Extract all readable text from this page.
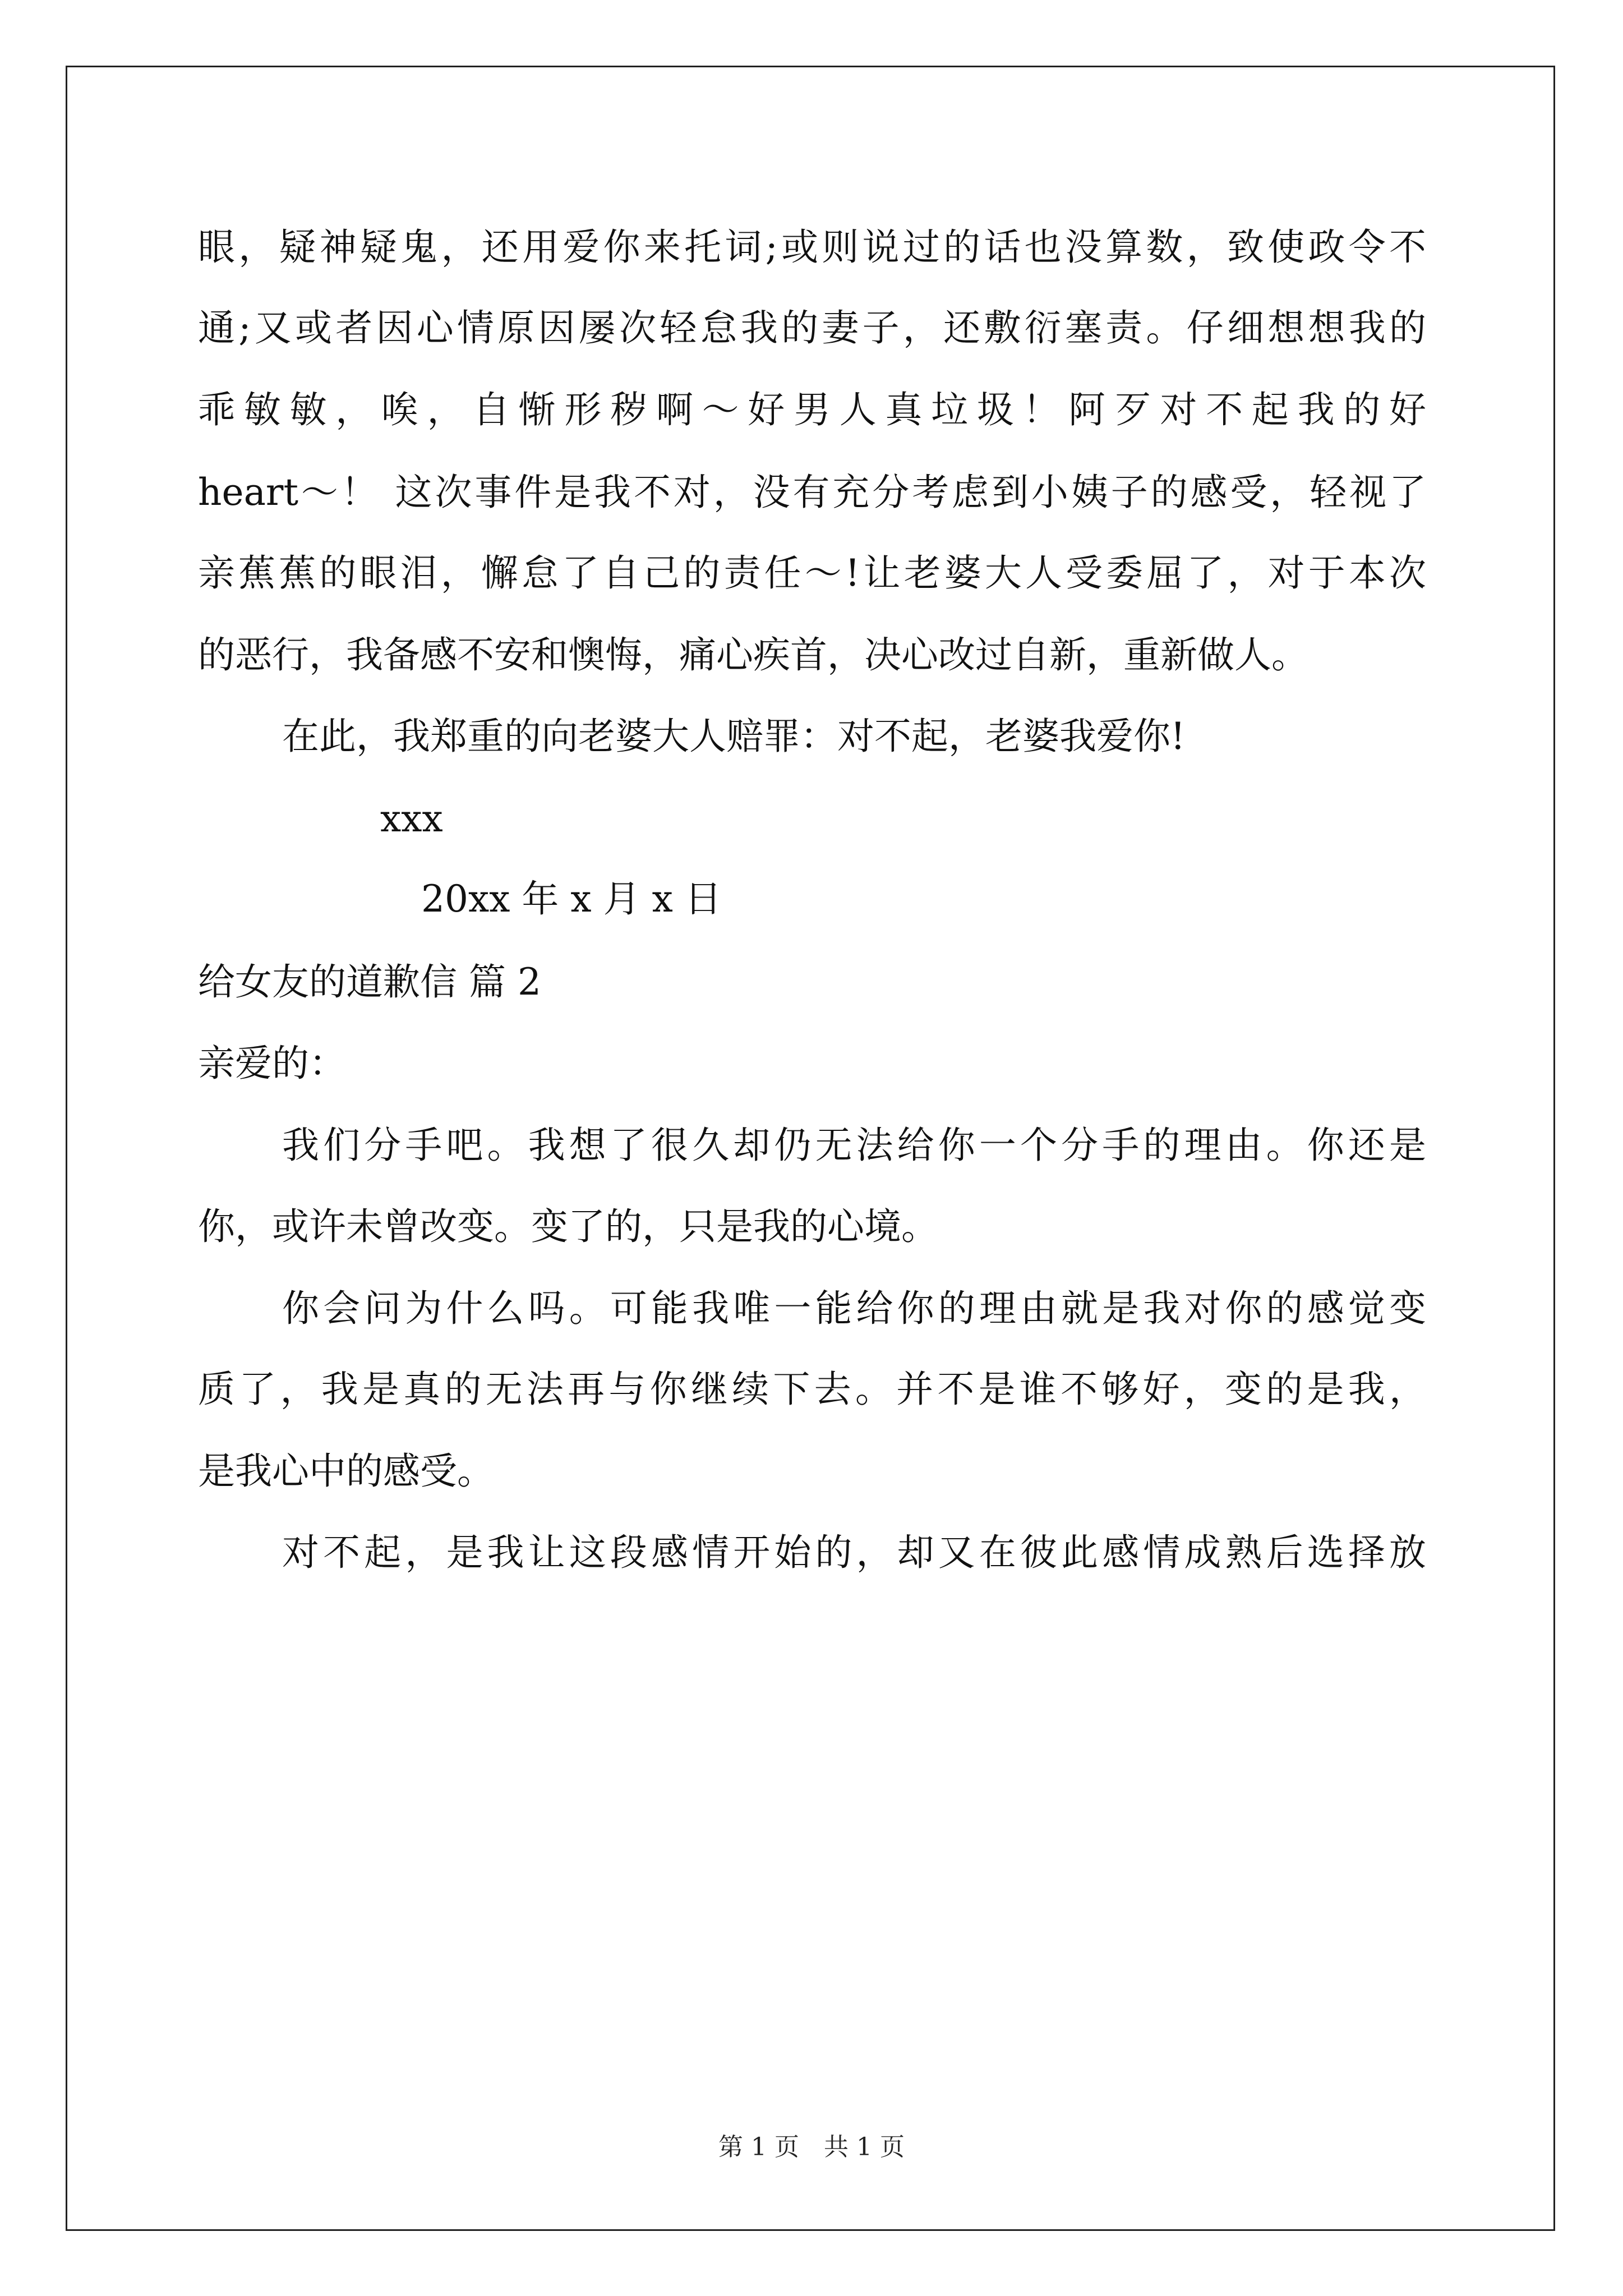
眼，疑神疑鬼，还用爱你来托词;或则说过的话也没算数，致使政令不
通;又或者因心情原因屡次轻怠我的妻子，还敷衍塞责。仔细想想我的
乖敏敏，唉，自惭形秽啊～好男人真垃圾！阿歹对不起我的好
heart～！ 这次事件是我不对，没有充分考虑到小姨子的感受，轻视了
亲蕉蕉的眼泪，懈怠了自己的责任～!让老婆大人受委屈了，对于本次
的恶行，我备感不安和懊悔，痛心疾首，决心改过自新，重新做人。
在此，我郑重的向老婆大人赔罪：对不起，老婆我爱你!
xxx
20xx 年 x 月 x 日
给女友的道歉信 篇 2
亲爱的：
我们分手吧。我想了很久却仍无法给你一个分手的理由。你还是
你，或许未曾改变。变了的，只是我的心境。
你会问为什么吗。可能我唯一能给你的理由就是我对你的感觉变
质了，我是真的无法再与你继续下去。并不是谁不够好，变的是我，
是我心中的感受。
对不起，是我让这段感情开始的，却又在彼此感情成熟后选择放
第 1 页　共 1 页
